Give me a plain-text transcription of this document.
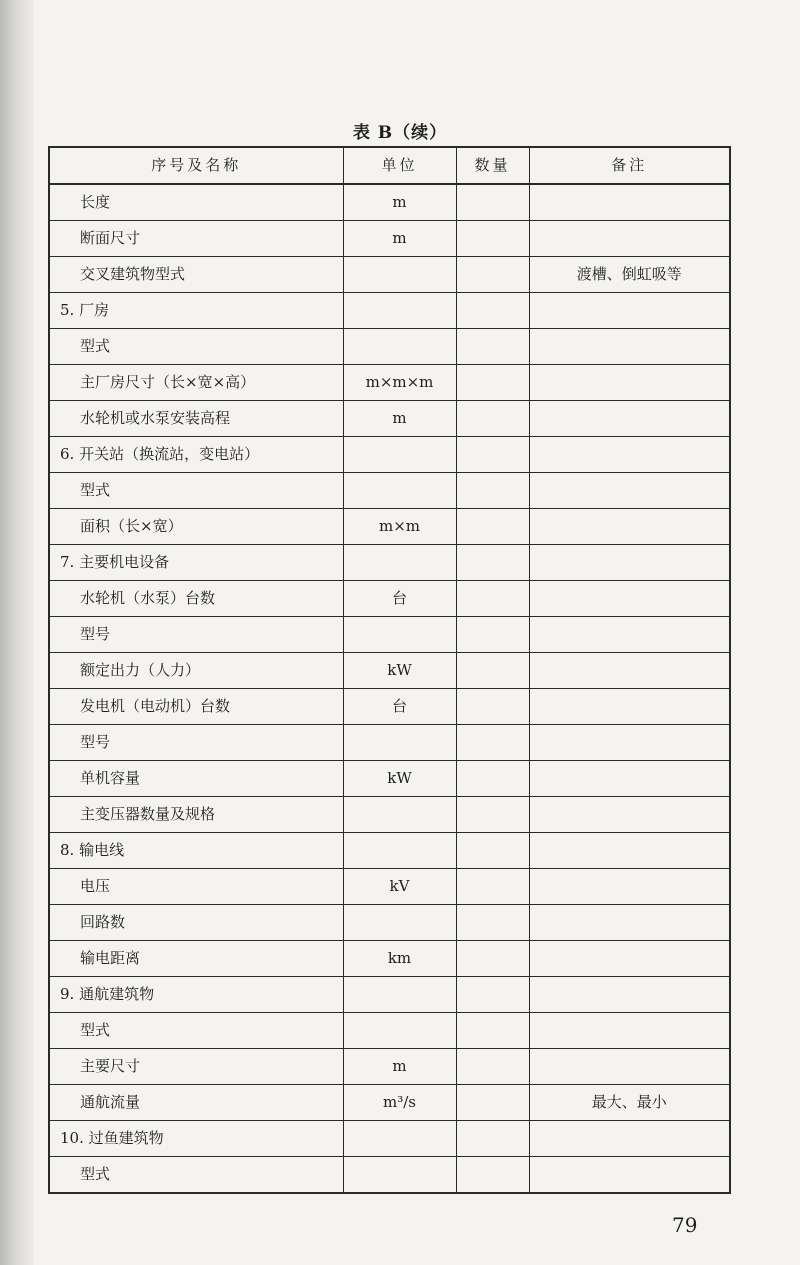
表 B（续）
序号及名称	单位	数量	备注
长度	m		
断面尺寸	m		
交叉建筑物型式			渡槽、倒虹吸等
5. 厂房			
型式			
主厂房尺寸（长×宽×高）	m×m×m		
水轮机或水泵安装高程	m		
6. 开关站（换流站，变电站）			
型式			
面积（长×宽）	m×m		
7. 主要机电设备			
水轮机（水泵）台数	台		
型号			
额定出力（人力）	kW		
发电机（电动机）台数	台		
型号			
单机容量	kW		
主变压器数量及规格			
8. 输电线			
电压	kV		
回路数			
输电距离	km		
9. 通航建筑物			
型式			
主要尺寸	m		
通航流量	m³/s		最大、最小
10. 过鱼建筑物			
型式			
79
